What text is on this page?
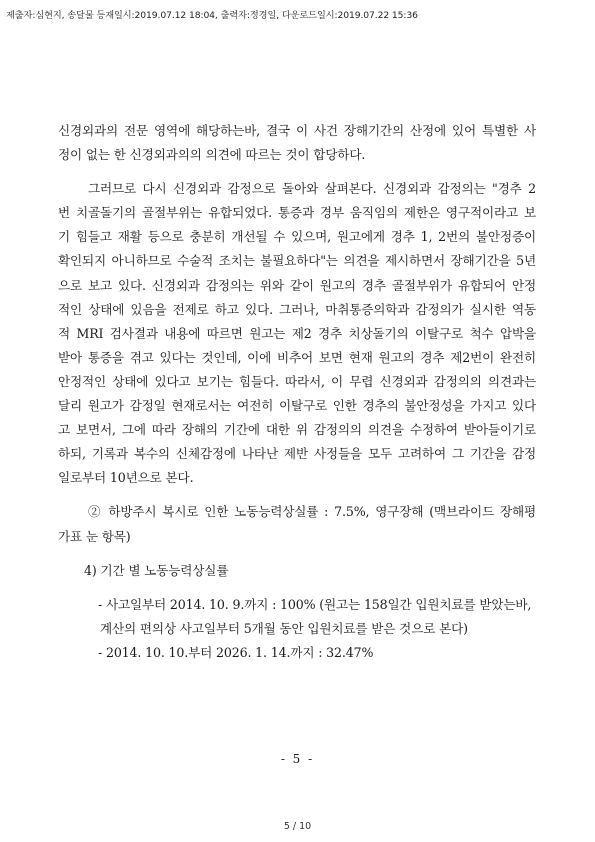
제출자:심현지, 송달물 등재일시:2019.07.12 18:04, 출력자:정경일, 다운로드일시:2019.07.22 15:36
신경외과의 전문 영역에 해당하는바, 결국 이 사건 장해기간의 산정에 있어 특별한 사
정이 없는 한 신경외과의의 의견에 따르는 것이 합당하다.
그러므로 다시 신경외과 감정으로 돌아와 살펴본다. 신경외과 감정의는 "경추 2
번 치골돌기의 골절부위는 유합되었다. 통증과 경부 움직임의 제한은 영구적이라고 보
기 힘들고 재활 등으로 충분히 개선될 수 있으며, 원고에게 경추 1, 2번의 불안정증이
확인되지 아니하므로 수술적 조치는 불필요하다"는 의견을 제시하면서 장해기간을 5년
으로 보고 있다. 신경외과 감정의는 위와 같이 원고의 경추 골절부위가 유합되어 안정
적인 상태에 있음을 전제로 하고 있다. 그러나, 마취통증의학과 감정의가 실시한 역동
적 MRI 검사결과 내용에 따르면 원고는 제2 경추 치상돌기의 이탈구로 척수 압박을
받아 통증을 겪고 있다는 것인데, 이에 비추어 보면 현재 원고의 경추 제2번이 완전히
안정적인 상태에 있다고 보기는 힘들다. 따라서, 이 무렵 신경외과 감정의의 의견과는
달리 원고가 감정일 현재로서는 여전히 이탈구로 인한 경추의 불안정성을 가지고 있다
고 보면서, 그에 따라 장해의 기간에 대한 위 감정의의 의견을 수정하여 받아들이기로
하되, 기록과 복수의 신체감정에 나타난 제반 사정들을 모두 고려하여 그 기간을 감정
일로부터 10년으로 본다.
② 하방주시 복시로 인한 노동능력상실률 : 7.5%, 영구장해 (맥브라이드 장해평
가표 눈 항목)
4) 기간 별 노동능력상실률
- 사고일부터 2014. 10. 9.까지 : 100% (원고는 158일간 입원치료를 받았는바,
계산의 편의상 사고일부터 5개월 동안 입원치료를 받은 것으로 본다)
- 2014. 10. 10.부터 2026. 1. 14.까지 : 32.47%
- 5 -
5 / 10
